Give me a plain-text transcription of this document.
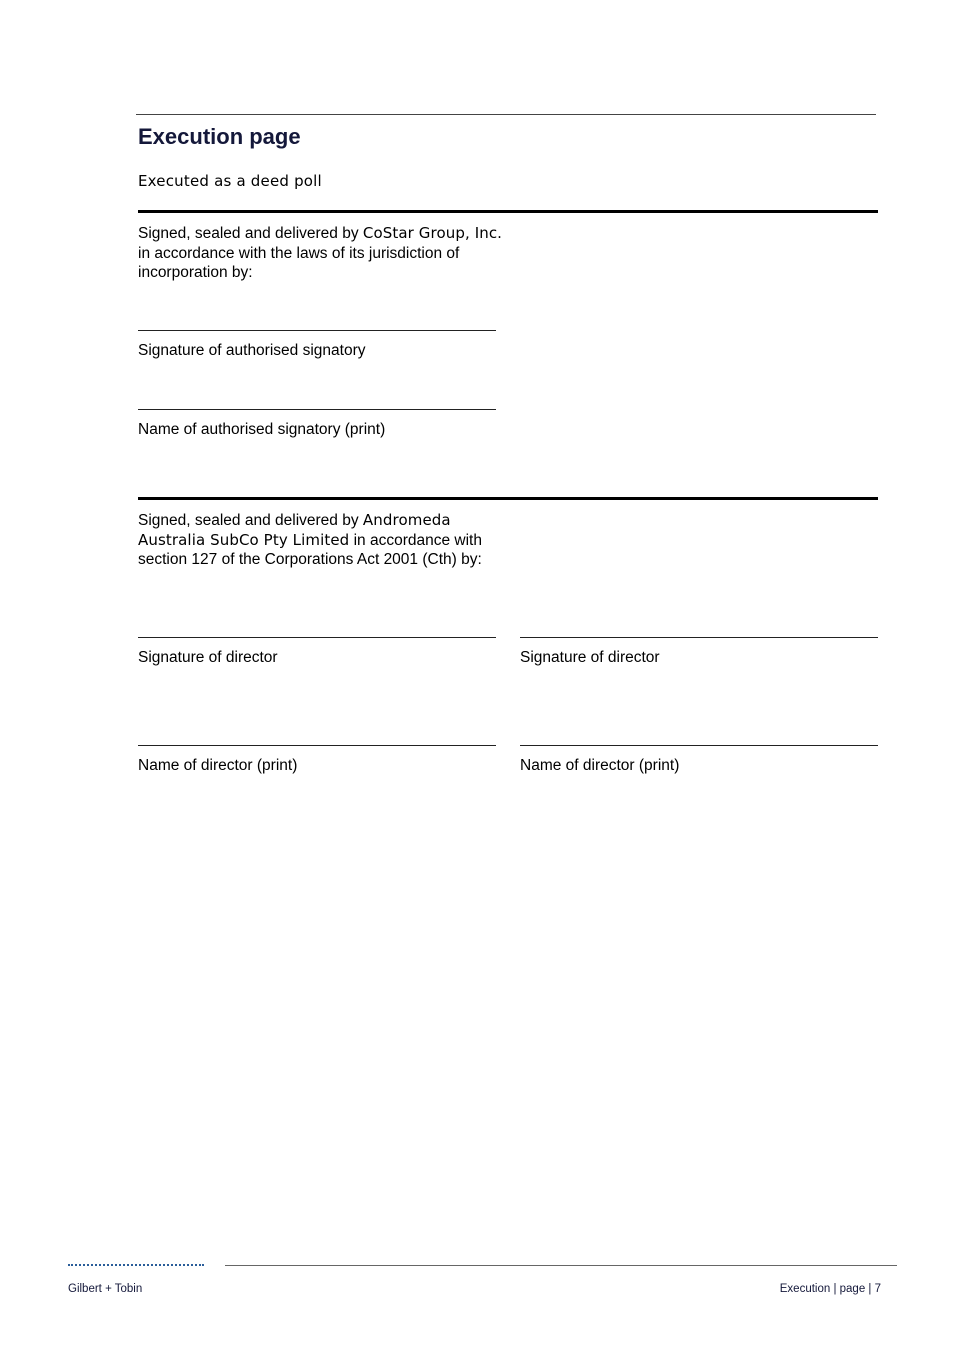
Execution page
Executed as a deed poll
Signed, sealed and delivered by CoStar Group, Inc. in accordance with the laws of its jurisdiction of incorporation by:
Signature of authorised signatory
Name of authorised signatory (print)
Signed, sealed and delivered by Andromeda Australia SubCo Pty Limited in accordance with section 127 of the Corporations Act 2001 (Cth) by:
Signature of director	Signature of director
Name of director (print)	Name of director (print)
Gilbert + Tobin	Execution | page | 7
